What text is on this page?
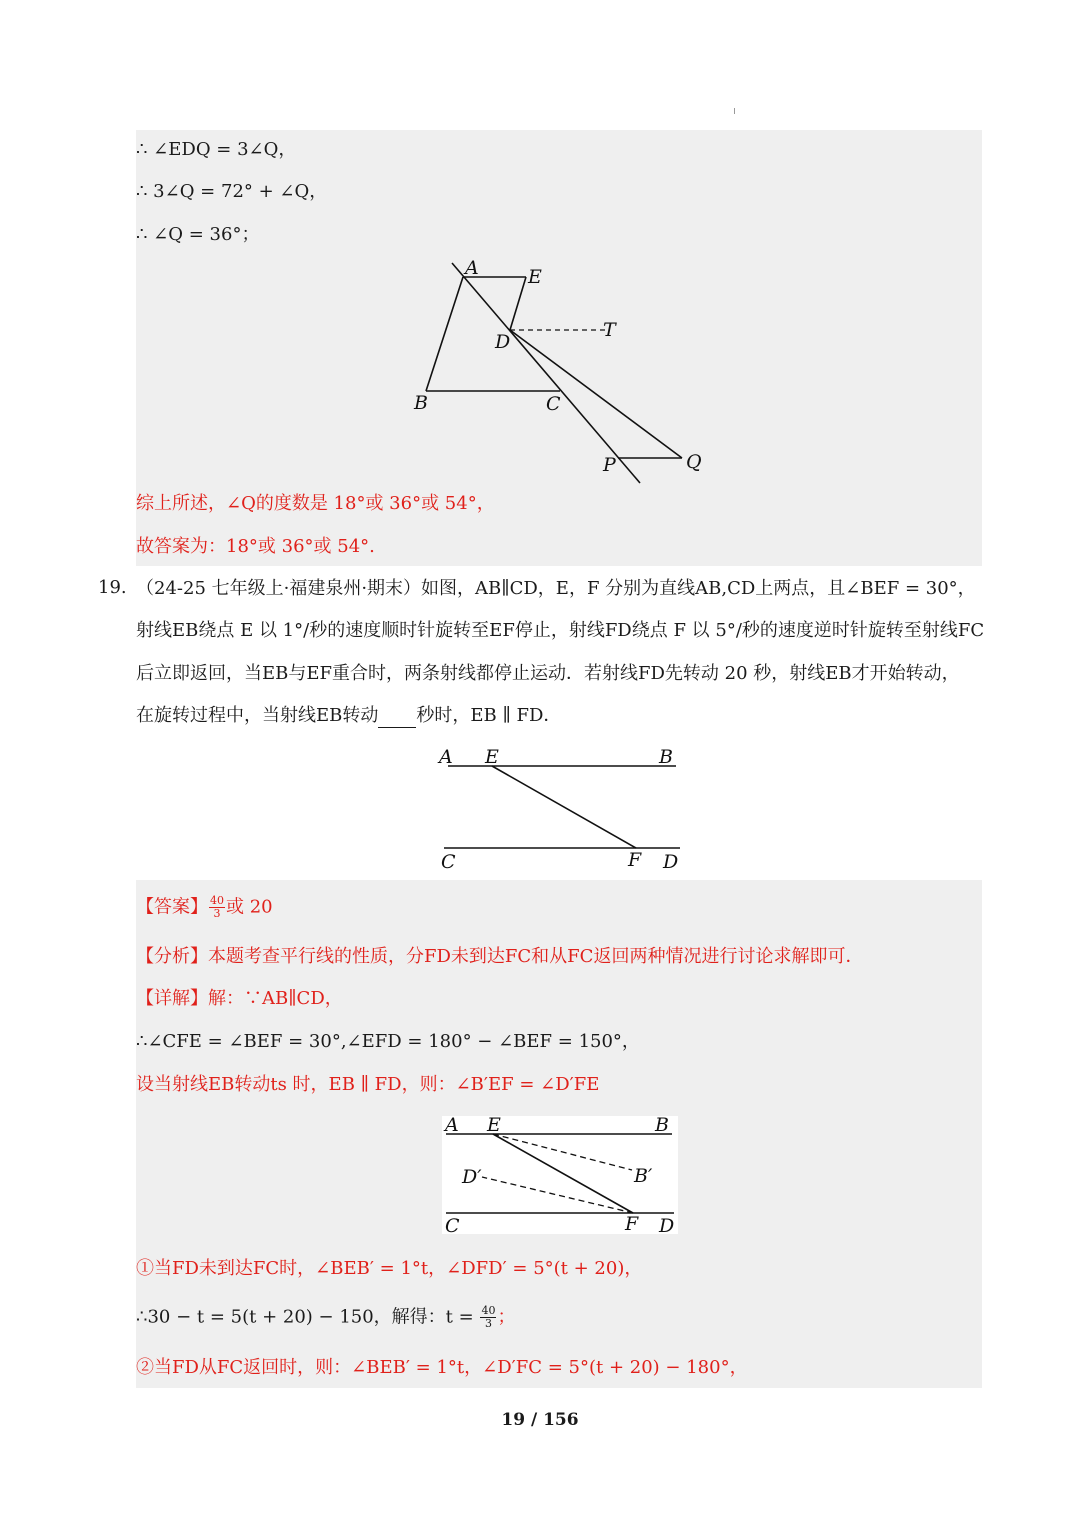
∴ ∠EDQ = 3∠Q，
∴ 3∠Q = 72° + ∠Q，
∴ ∠Q = 36°；
A	E
D
T
B	C
P	Q
综上所述，∠Q的度数是 18°或 36°或 54°，
故答案为：18°或 36°或 54°.
19. （24-25 七年级上·福建泉州·期末）如图，AB∥CD，E，F 分别为直线AB,CD上两点，且∠BEF = 30°，
射线EB绕点 E 以 1°/秒的速度顺时针旋转至EF停止，射线FD绕点 F 以 5°/秒的速度逆时针旋转至射线FC
后立即返回，当EB与EF重合时，两条射线都停止运动．若射线FD先转动 20 秒，射线EB才开始转动，
在旋转过程中，当射线EB转动 秒时，EB ∥ FD．
A E	B
C	F D
【答案】 $\frac{40}{3}$ 或 20
【分析】本题考查平行线的性质，分FD未到达FC和从FC返回两种情况进行讨论求解即可．
【详解】解：∵AB∥CD，
∴∠CFE = ∠BEF = 30°,∠EFD = 180° − ∠BEF = 150°，
设当射线EB转动ts 时，EB ∥ FD，则：∠B′EF = ∠D′FE
A E	B
D′	B′
C	F D
①当FD未到达FC时，∠BEB′ = 1°t，∠DFD′ = 5°(t + 20)，
∴30 − t = 5(t + 20) − 150，解得：$t = \frac{40}{3}$ ；
②当FD从FC返回时，则：∠BEB′ = 1°t，∠D′FC = 5°(t + 20) − 180°，
19 / 156
